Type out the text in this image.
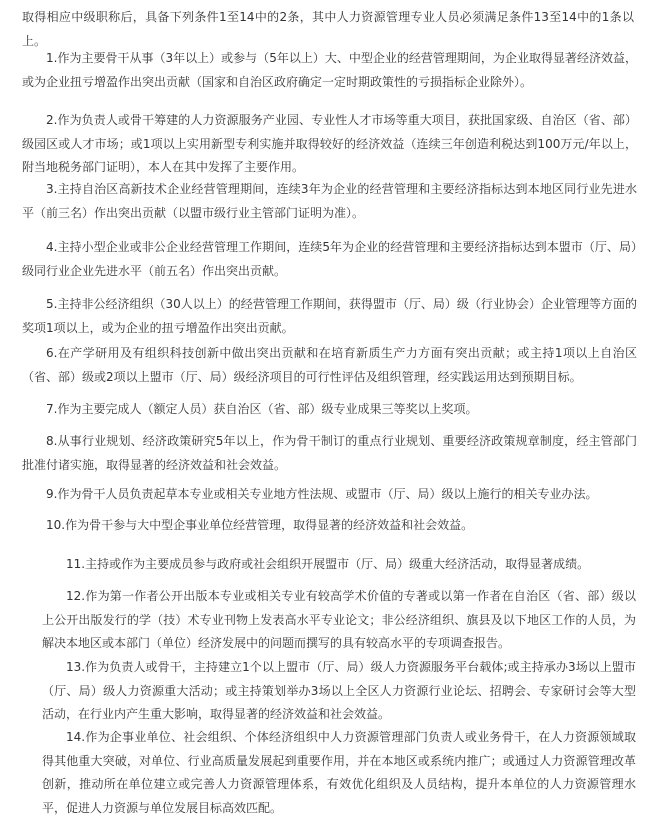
取得相应中级职称后，具备下列条件1至14中的2条，其中人力资源管理专业人员必须满足条件13至14中的1条以上。

1.作为主要骨干从事（3年以上）或参与（5年以上）大、中型企业的经营管理期间，为企业取得显著经济效益，或为企业扭亏增盈作出突出贡献（国家和自治区政府确定一定时期政策性的亏损指标企业除外）。

2.作为负责人或骨干筹建的人力资源服务产业园、专业性人才市场等重大项目，获批国家级、自治区（省、部）级园区或人才市场；或1项以上实用新型专利实施并取得较好的经济效益（连续三年创造利税达到100万元/年以上，附当地税务部门证明），本人在其中发挥了主要作用。

3.主持自治区高新技术企业经营管理期间，连续3年为企业的经营管理和主要经济指标达到本地区同行业先进水平（前三名）作出突出贡献（以盟市级行业主管部门证明为准）。

4.主持小型企业或非公企业经营管理工作期间，连续5年为企业的经营管理和主要经济指标达到本盟市（厅、局）级同行业企业先进水平（前五名）作出突出贡献。

5.主持非公经济组织（30人以上）的经营管理工作期间，获得盟市（厅、局）级（行业协会）企业管理等方面的奖项1项以上，或为企业的扭亏增盈作出突出贡献。

6.在产学研用及有组织科技创新中做出突出贡献和在培育新质生产力方面有突出贡献；或主持1项以上自治区（省、部）级或2项以上盟市（厅、局）级经济项目的可行性评估及组织管理，经实践运用达到预期目标。

7.作为主要完成人（额定人员）获自治区（省、部）级专业成果三等奖以上奖项。

8.从事行业规划、经济政策研究5年以上，作为骨干制订的重点行业规划、重要经济政策规章制度，经主管部门批准付诸实施，取得显著的经济效益和社会效益。

9.作为骨干人员负责起草本专业或相关专业地方性法规、或盟市（厅、局）级以上施行的相关专业办法。

10.作为骨干参与大中型企事业单位经营管理，取得显著的经济效益和社会效益。

11.主持或作为主要成员参与政府或社会组织开展盟市（厅、局）级重大经济活动，取得显著成绩。

12.作为第一作者公开出版本专业或相关专业有较高学术价值的专著或以第一作者在自治区（省、部）级以上公开出版发行的学（技）术专业刊物上发表高水平专业论文；非公经济组织、旗县及以下地区工作的人员，为解决本地区或本部门（单位）经济发展中的问题而撰写的具有较高水平的专项调查报告。

13.作为负责人或骨干，主持建立1个以上盟市（厅、局）级人力资源服务平台载体;或主持承办3场以上盟市（厅、局）级人力资源重大活动；或主持策划举办3场以上全区人力资源行业论坛、招聘会、专家研讨会等大型活动，在行业内产生重大影响，取得显著的经济效益和社会效益。

14.作为企事业单位、社会组织、个体经济组织中人力资源管理部门负责人或业务骨干，在人力资源领域取得其他重大突破，对单位、行业高质量发展起到重要作用，并在本地区或系统内推广；或通过人力资源管理改革创新，推动所在单位建立或完善人力资源管理体系，有效优化组织及人员结构，提升本单位的人力资源管理水平，促进人力资源与单位发展目标高效匹配。
